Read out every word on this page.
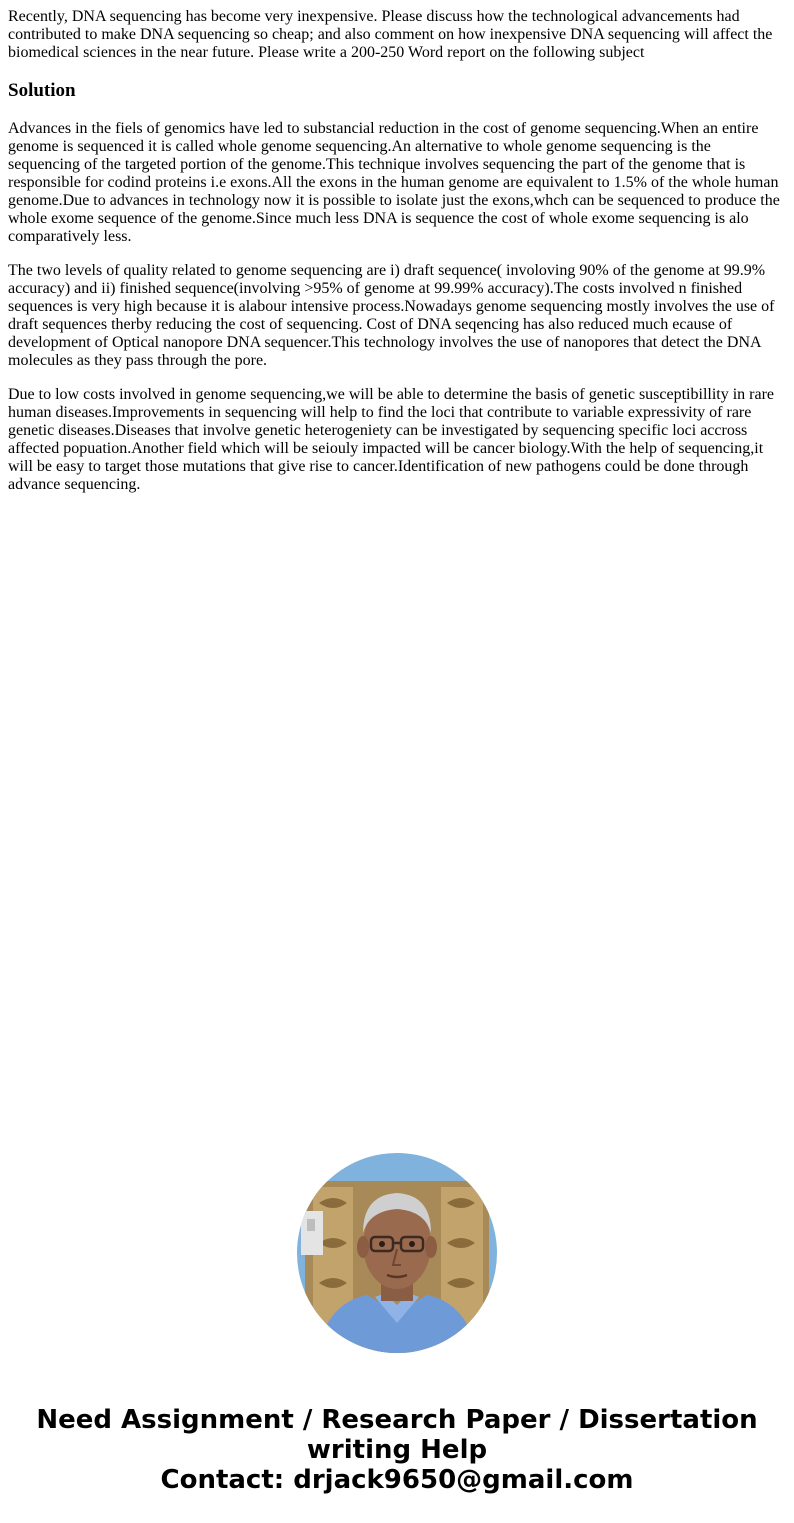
Recently, DNA sequencing has become very inexpensive. Please discuss how the technological advancements had contributed to make DNA sequencing so cheap; and also comment on how inexpensive DNA sequencing will affect the biomedical sciences in the near future. Please write a 200-250 Word report on the following subject
Solution

Advances in the fiels of genomics have led to substancial reduction in the cost of genome sequencing.When an entire genome is sequenced it is called whole genome sequencing.An alternative to whole genome sequencing is the sequencing of the targeted portion of the genome.This technique involves sequencing the part of the genome that is responsible for codind proteins i.e exons.All the exons in the human genome are equivalent to 1.5% of the whole human genome.Due to advances in technology now it is possible to isolate just the exons,whch can be sequenced to produce the whole exome sequence of the genome.Since much less DNA is sequence the cost of whole exome sequencing is alo comparatively less.

The two levels of quality related to genome sequencing are i) draft sequence( involoving 90% of the genome at 99.9% accuracy) and ii) finished sequence(involving >95% of genome at 99.99% accuracy).The costs involved n finished sequences is very high because it is alabour intensive process.Nowadays genome sequencing mostly involves the use of draft sequences therby reducing the cost of sequencing. Cost of DNA seqencing has also reduced much ecause of development of Optical nanopore DNA sequencer.This technology involves the use of nanopores that detect the DNA molecules as they pass through the pore.

Due to low costs involved in genome sequencing,we will be able to determine the basis of genetic susceptibillity in rare human diseases.Improvements in sequencing will help to find the loci that contribute to variable expressivity of rare genetic diseases.Diseases that involve genetic heterogeniety can be investigated by sequencing specific loci accross affected popuation.Another field which will be seiouly impacted will be cancer biology.With the help of sequencing,it will be easy to target those mutations that give rise to cancer.Identification of new pathogens could be done through advance sequencing.

Need Assignment / Research Paper / Dissertation
writing Help
Contact: drjack9650@gmail.com
